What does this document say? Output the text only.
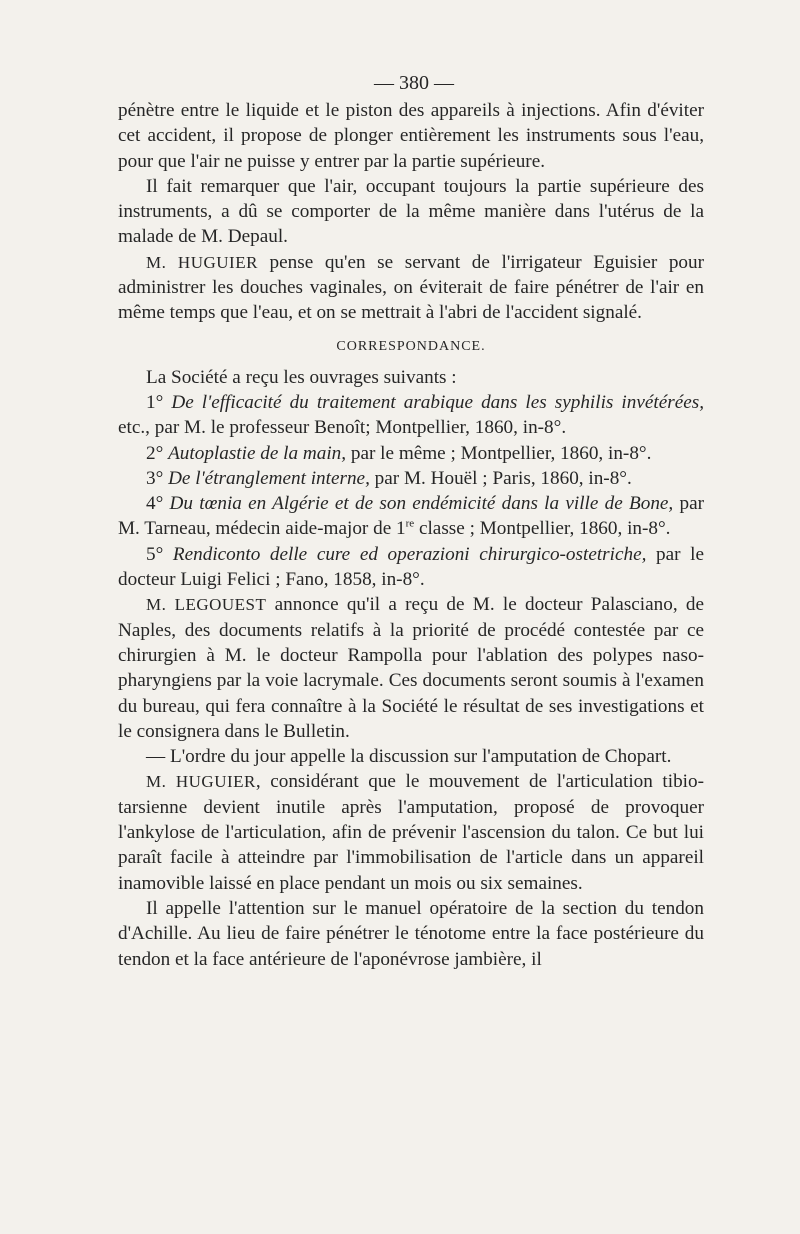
— 380 —

pénètre entre le liquide et le piston des appareils à injections. Afin d'éviter cet accident, il propose de plonger entièrement les instruments sous l'eau, pour que l'air ne puisse y entrer par la partie supérieure.

Il fait remarquer que l'air, occupant toujours la partie supérieure des instruments, a dû se comporter de la même manière dans l'utérus de la malade de M. Depaul.

M. HUGUIER pense qu'en se servant de l'irrigateur Eguisier pour administrer les douches vaginales, on éviterait de faire pénétrer de l'air en même temps que l'eau, et on se mettrait à l'abri de l'accident signalé.

CORRESPONDANCE.

La Société a reçu les ouvrages suivants :

1° De l'efficacité du traitement arabique dans les syphilis invétérées, etc., par M. le professeur Benoît; Montpellier, 1860, in-8°.

2° Autoplastie de la main, par le même ; Montpellier, 1860, in-8°.

3° De l'étranglement interne, par M. Houël ; Paris, 1860, in-8°.

4° Du tœnia en Algérie et de son endémicité dans la ville de Bone, par M. Tarneau, médecin aide-major de 1re classe ; Montpellier, 1860, in-8°.

5° Rendiconto delle cure ed operazioni chirurgico-ostetriche, par le docteur Luigi Felici ; Fano, 1858, in-8°.

M. LEGOUEST annonce qu'il a reçu de M. le docteur Palasciano, de Naples, des documents relatifs à la priorité de procédé contestée par ce chirurgien à M. le docteur Rampolla pour l'ablation des polypes naso-pharyngiens par la voie lacrymale. Ces documents seront soumis à l'examen du bureau, qui fera connaître à la Société le résultat de ses investigations et le consignera dans le Bulletin.

— L'ordre du jour appelle la discussion sur l'amputation de Chopart.

M. HUGUIER, considérant que le mouvement de l'articulation tibio-tarsienne devient inutile après l'amputation, proposé de provoquer l'ankylose de l'articulation, afin de prévenir l'ascension du talon. Ce but lui paraît facile à atteindre par l'immobilisation de l'article dans un appareil inamovible laissé en place pendant un mois ou six semaines.

Il appelle l'attention sur le manuel opératoire de la section du tendon d'Achille. Au lieu de faire pénétrer le ténotome entre la face postérieure du tendon et la face antérieure de l'aponévrose jambière, il
